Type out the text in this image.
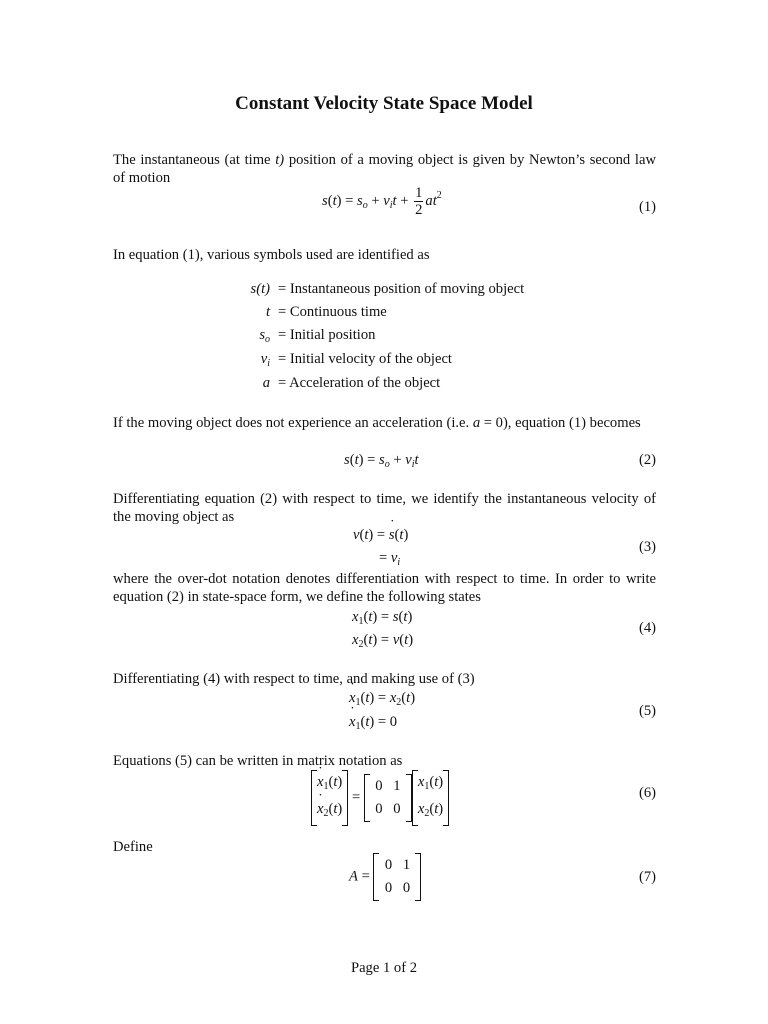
Constant Velocity State Space Model
The instantaneous (at time t) position of a moving object is given by Newton’s second law of motion
$s(t) = s_o + v_it + \frac{1}{2} at^2$
(1)
In equation (1), various symbols used are identified as
s(t) = Instantaneous position of moving object
t = Continuous time
$s_o$ = Initial position
$v_i$ = Initial velocity of the object
a = Acceleration of the object
If the moving object does not experience an acceleration (i.e. a = 0), equation (1) becomes
$s(t) = s_o + v_it$	(2)
Differentiating equation (2) with respect to time, we identify the instantaneous velocity of the moving object as
v(t) = s ˙(t)
= $v_i$
(3)
where the over-dot notation denotes differentiation with respect to time. In order to write equation (2) in state-space form, we define the following states
$x_1(t) = s(t)$
$x_2(t) = v(t)$
(4)
Differentiating (4) with respect to time, and making use of (3)
x $˙_1(t) = x_2(t)$
x $˙_1(t) = 0$
(5)
Equations (5) can be written in matrix notation as
x $˙_1(t)$
x $˙_2(t)$
=
0 1
0 0
$x_1(t)$
$x_2(t)$
(6)
Define
A =
0 1
0 0
(7)
Page 1 of 2
